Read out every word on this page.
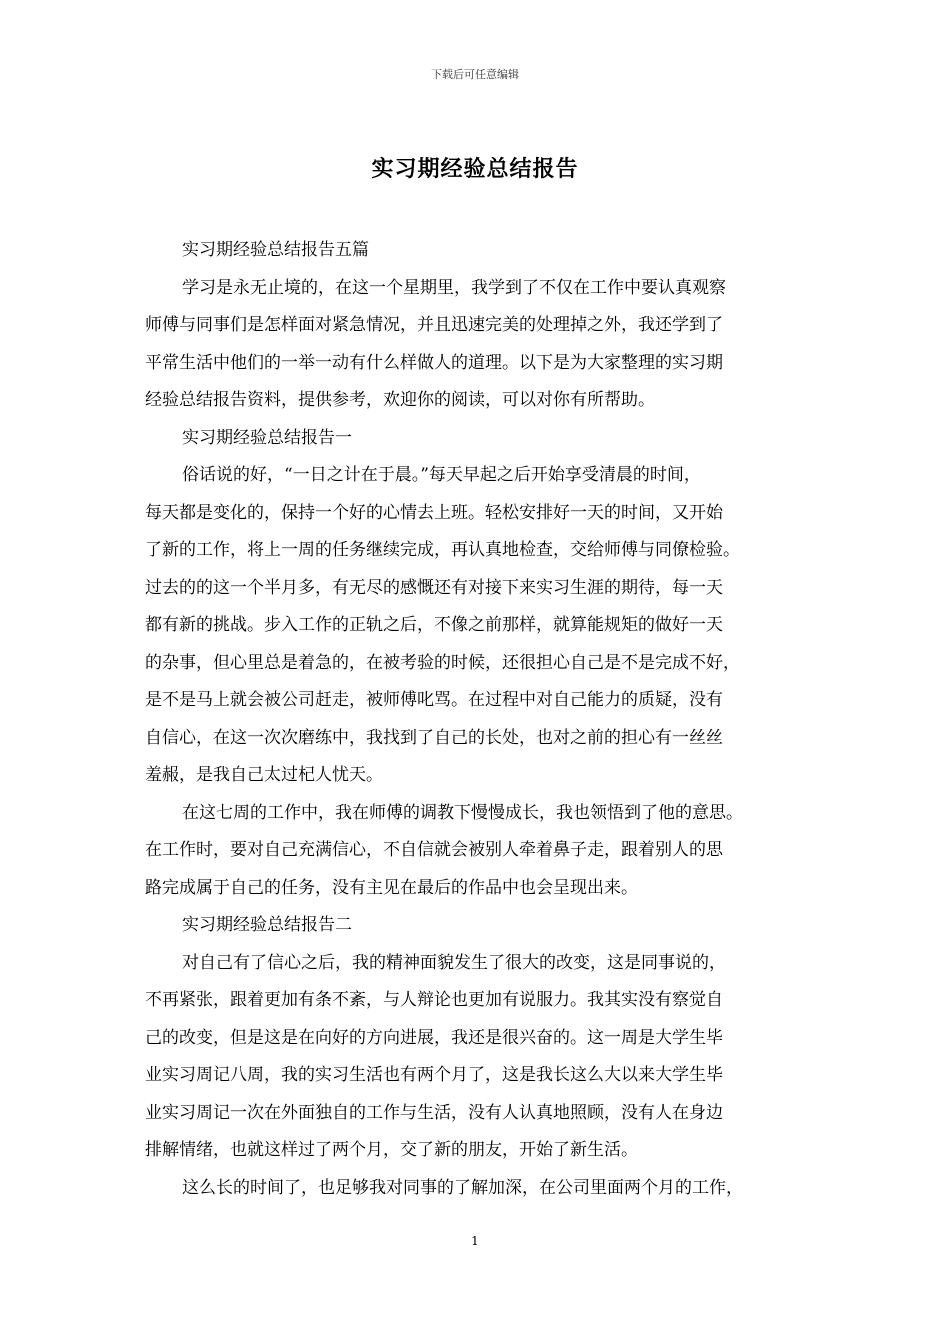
下载后可任意编辑
实习期经验总结报告

实习期经验总结报告五篇

学习是永无止境的，在这一个星期里，我学到了不仅在工作中要认真观察

师傅与同事们是怎样面对紧急情况，并且迅速完美的处理掉之外，我还学到了

平常生活中他们的一举一动有什么样做人的道理。以下是为大家整理的实习期

经验总结报告资料，提供参考，欢迎你的阅读，可以对你有所帮助。

实习期经验总结报告一

俗话说的好，“一日之计在于晨。”每天早起之后开始享受清晨的时间，

每天都是变化的，保持一个好的心情去上班。轻松安排好一天的时间，又开始

了新的工作，将上一周的任务继续完成，再认真地检查，交给师傅与同僚检验。

过去的的这一个半月多，有无尽的感慨还有对接下来实习生涯的期待，每一天

都有新的挑战。步入工作的正轨之后，不像之前那样，就算能规矩的做好一天

的杂事，但心里总是着急的，在被考验的时候，还很担心自己是不是完成不好，

是不是马上就会被公司赶走，被师傅叱骂。在过程中对自己能力的质疑，没有

自信心，在这一次次磨练中，我找到了自己的长处，也对之前的担心有一丝丝

羞赧，是我自己太过杞人忧天。

在这七周的工作中，我在师傅的调教下慢慢成长，我也领悟到了他的意思。

在工作时，要对自己充满信心，不自信就会被别人牵着鼻子走，跟着别人的思

路完成属于自己的任务，没有主见在最后的作品中也会呈现出来。

实习期经验总结报告二

对自己有了信心之后，我的精神面貌发生了很大的改变，这是同事说的，

不再紧张，跟着更加有条不紊，与人辩论也更加有说服力。我其实没有察觉自

己的改变，但是这是在向好的方向进展，我还是很兴奋的。这一周是大学生毕

业实习周记八周，我的实习生活也有两个月了，这是我长这么大以来大学生毕

业实习周记一次在外面独自的工作与生活，没有人认真地照顾，没有人在身边

排解情绪，也就这样过了两个月，交了新的朋友，开始了新生活。

这么长的时间了，也足够我对同事的了解加深，在公司里面两个月的工作，

1
